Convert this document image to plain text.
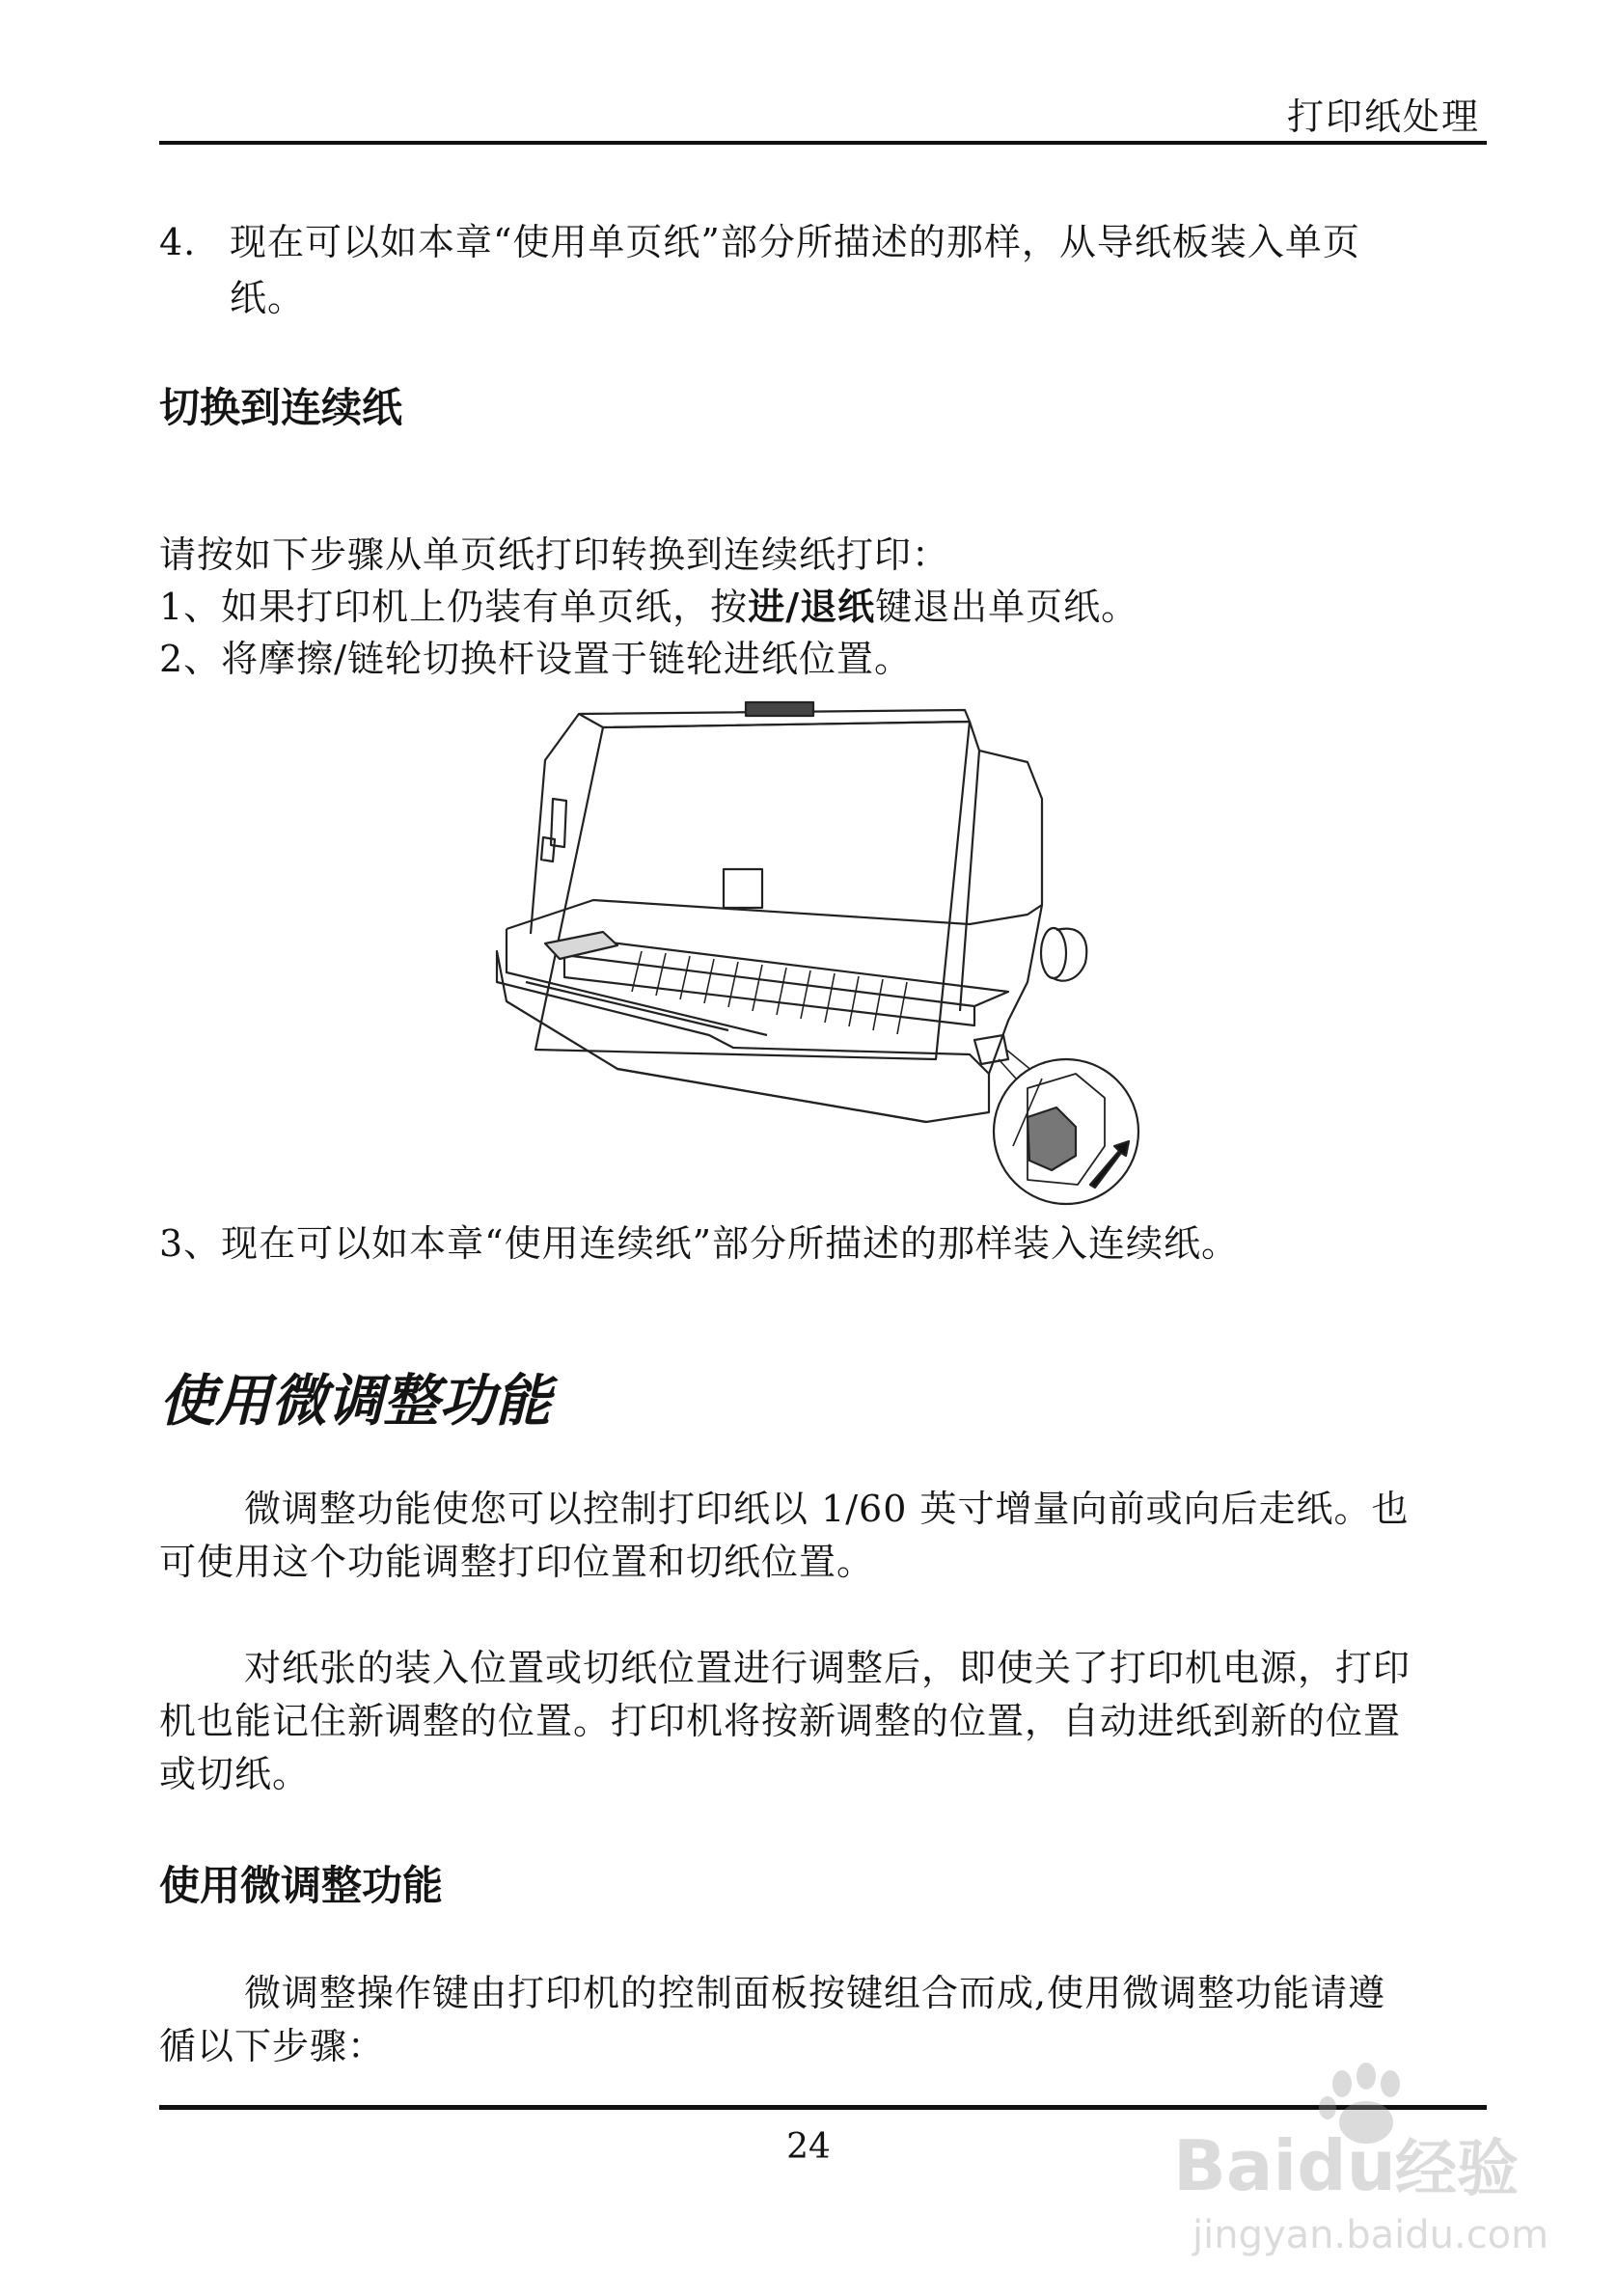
打印纸处理
4. 现在可以如本章“使用单页纸”部分所描述的那样，从导纸板装入单页
纸。
切换到连续纸
请按如下步骤从单页纸打印转换到连续纸打印：
1、如果打印机上仍装有单页纸，按进/退纸键退出单页纸。
2、将摩擦/链轮切换杆设置于链轮进纸位置。
3、现在可以如本章“使用连续纸”部分所描述的那样装入连续纸。
使用微调整功能
微调整功能使您可以控制打印纸以 1/60 英寸增量向前或向后走纸。也
可使用这个功能调整打印位置和切纸位置。
对纸张的装入位置或切纸位置进行调整后，即使关了打印机电源，打印
机也能记住新调整的位置。打印机将按新调整的位置，自动进纸到新的位置
或切纸。
使用微调整功能
微调整操作键由打印机的控制面板按键组合而成,使用微调整功能请遵
循以下步骤：
24	Baidu 经验
jingyan.baidu.com
